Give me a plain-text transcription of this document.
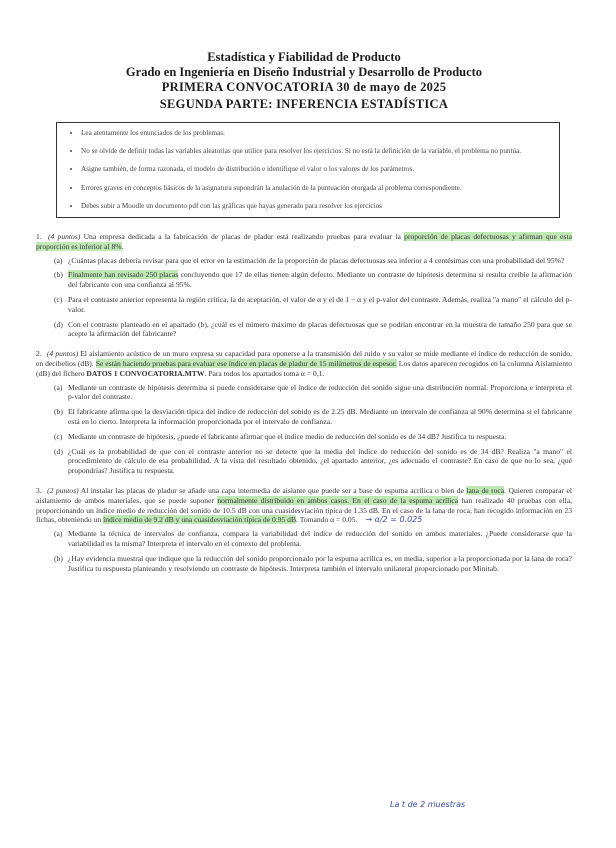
Estadística y Fiabilidad de Producto
Grado en Ingeniería en Diseño Industrial y Desarrollo de Producto
PRIMERA CONVOCATORIA 30 de mayo de 2025
SEGUNDA PARTE: INFERENCIA ESTADÍSTICA
• Lea atentamente los enunciados de los problemas.
• No se olvide de definir todas las variables aleatorias que utilice para resolver los ejercicios. Si no está la definición de la variable, el problema no puntúa.
• Asigne también, de forma razonada, el modelo de distribución e identifique el valor o los valores de los parámetros.
• Errores graves en conceptos básicos de la asignatura supondrán la anulación de la puntuación otorgada al problema correspondiente.
• Debes subir a Moodle un documento pdf con las gráficas que hayas generado para resolver los ejercicios
1. (4 puntos) Una empresa dedicada a la fabricación de placas de pladur está realizando pruebas para evaluar la proporción de placas defectuosas y afirman que esta proporción es inferior al 8%.
(a) ¿Cuántas placas debería revisar para que el error en la estimación de la proporción de placas defectuosas sea inferior a 4 centésimas con una probabilidad del 95%?
(b) Finalmente han revisado 250 placas concluyendo que 17 de ellas tienen algún defecto. Mediante un contraste de hipótesis determina si resulta creíble la afirmación del fabricante con una confianza al 95%.
(c) Para el contraste anterior representa la región crítica, la de aceptación, el valor de α y el de 1 − α y el p-valor del contraste. Además, realiza "a mano" el cálculo del p-valor.
(d) Con el contraste planteado en el apartado (b), ¿cuál es el número máximo de placas defectuosas que se podrían encontrar en la muestra de tamaño 250 para que se acepte la afirmación del fabricante?
2. (4 puntos) El aislamiento acústico de un muro expresa su capacidad para oponerse a la transmisión del ruido y su valor se mide mediante el índice de reducción de sonido, en decibelios (dB). Se están haciendo pruebas para evaluar ese índice en placas de pladur de 15 milímetros de espesor. Los datos aparecen recogidos en la columna Aislamiento (dB) del fichero DATOS 1 CONVOCATORIA.MTW. Para todos los apartados toma α = 0,1.
(a) Mediante un contraste de hipótesis determina si puede considerarse que el índice de reducción del sonido sigue una distribución normal. Proporciona e interpreta el p-valor del contraste.
(b) El fabricante afirma que la desviación típica del índice de reducción del sonido es de 2.25 dB. Mediante un intervalo de confianza al 90% determina si el fabricante está en lo cierto. Interpreta la información proporcionada por el intervalo de confianza.
(c) Mediante un contraste de hipótesis, ¿puede el fabricante afirmar que el índice medio de reducción del sonido es de 34 dB? Justifica tu respuesta.
(d) ¿Cuál es la probabilidad de que con el contraste anterior no se detecte que la media del índice de reducción del sonido es de 34 dB? Realiza "a mano" el procedimiento de cálculo de esa probabilidad. A la vista del resultado obtenido, ¿el apartado anterior, ¿es adecuado el contraste? En caso de que no lo sea, ¿qué propondrías? Justifica tu respuesta.
3. (2 puntos) Al instalar las placas de pladur se añade una capa intermedia de aislante que puede ser a base de espuma acrílica o bien de lana de roca. Quieren comparar el aislamiento de ambos materiales, que se puede suponer normalmente distribuido en ambos casos. En el caso de la espuma acrílica han realizado 40 pruebas con ella, proporcionando un índice medio de reducción del sonido de 10.5 dB con una cuasidesviación típica de 1.35 dB. En el caso de la lana de roca, han recogido información en 23 fichas, obteniendo un índice medio de 9.2 dB y una cuasidesviación típica de 0.95 dB. Tomando α = 0.05. → α/2 = 0.025
(a) Mediante la técnica de intervalos de confianza, compara la variabilidad del índice de reducción del sonido en ambos materiales. ¿Puede considerarse que la variabilidad es la misma? Interpreta el intervalo en el contexto del problema.
(b) ¿Hay evidencia muestral que indique que la reducción del sonido proporcionado por la espuma acrílica es, en media, superior a la proporcionada por la lana de roca? Justifica tu respuesta planteando y resolviendo un contraste de hipótesis. Interpreta también el intervalo unilateral proporcionado por Minitab.
La t de 2 muestras
